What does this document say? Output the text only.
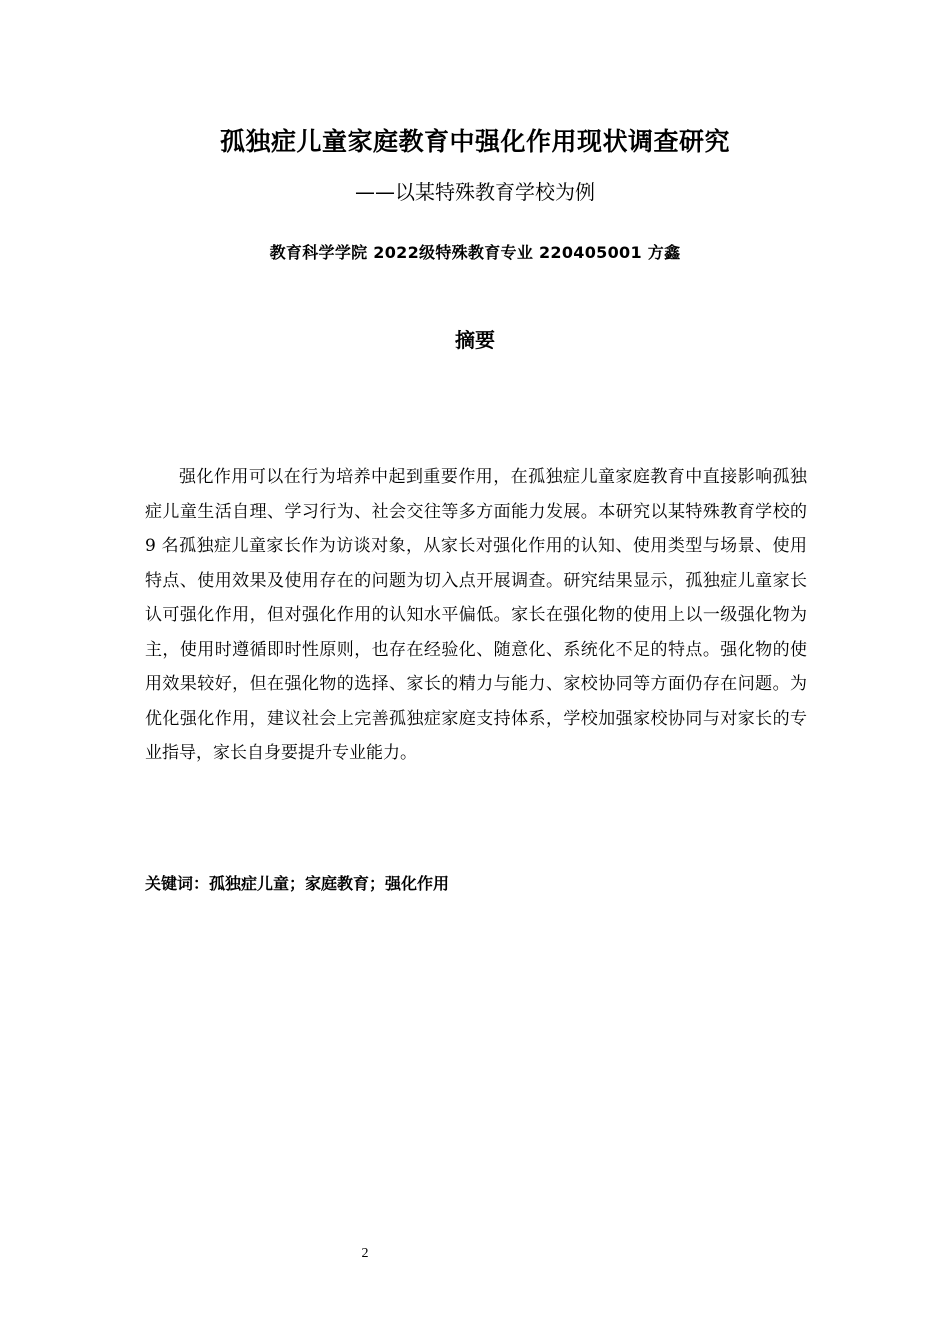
孤独症儿童家庭教育中强化作用现状调查研究

——以某特殊教育学校为例

教育科学学院 2022级特殊教育专业 220405001 方鑫

摘要

强化作用可以在行为培养中起到重要作用，在孤独症儿童家庭教育中直接影响孤独症儿童生活自理、学习行为、社会交往等多方面能力发展。本研究以某特殊教育学校的 9 名孤独症儿童家长作为访谈对象，从家长对强化作用的认知、使用类型与场景、使用特点、使用效果及使用存在的问题为切入点开展调查。研究结果显示，孤独症儿童家长认可强化作用，但对强化作用的认知水平偏低。家长在强化物的使用上以一级强化物为主，使用时遵循即时性原则，也存在经验化、随意化、系统化不足的特点。强化物的使用效果较好，但在强化物的选择、家长的精力与能力、家校协同等方面仍存在问题。为优化强化作用，建议社会上完善孤独症家庭支持体系，学校加强家校协同与对家长的专业指导，家长自身要提升专业能力。

关键词：孤独症儿童；家庭教育；强化作用

2
